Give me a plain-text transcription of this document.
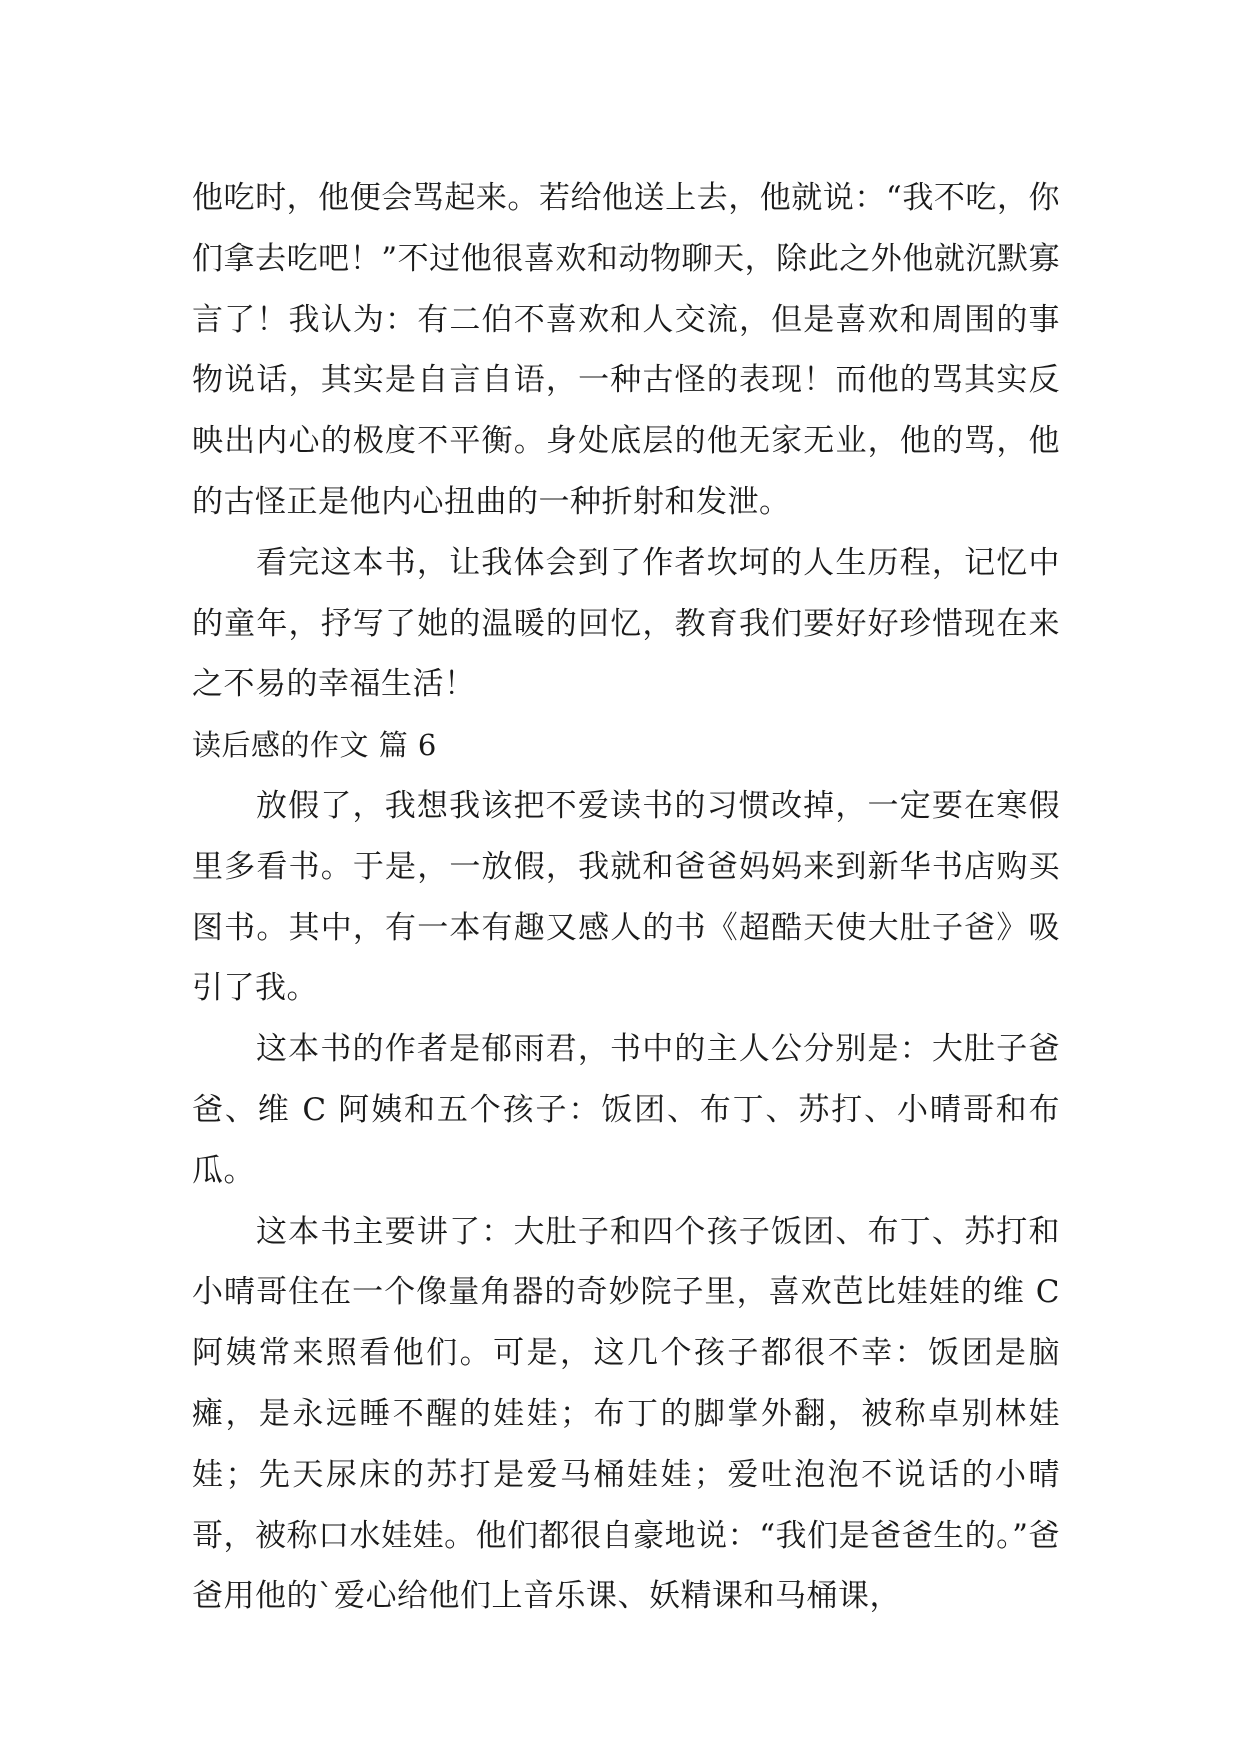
他吃时，他便会骂起来。若给他送上去，他就说：“我不吃，你们拿去吃吧！”不过他很喜欢和动物聊天，除此之外他就沉默寡言了！我认为：有二伯不喜欢和人交流，但是喜欢和周围的事物说话，其实是自言自语，一种古怪的表现！而他的骂其实反映出内心的极度不平衡。身处底层的他无家无业，他的骂，他的古怪正是他内心扭曲的一种折射和发泄。

看完这本书，让我体会到了作者坎坷的人生历程，记忆中的童年，抒写了她的温暖的回忆，教育我们要好好珍惜现在来之不易的幸福生活！

读后感的作文 篇 6

放假了，我想我该把不爱读书的习惯改掉，一定要在寒假里多看书。于是，一放假，我就和爸爸妈妈来到新华书店购买图书。其中，有一本有趣又感人的书《超酷天使大肚子爸》吸引了我。

这本书的作者是郁雨君，书中的主人公分别是：大肚子爸爸、维 C 阿姨和五个孩子：饭团、布丁、苏打、小晴哥和布瓜。

这本书主要讲了：大肚子和四个孩子饭团、布丁、苏打和小晴哥住在一个像量角器的奇妙院子里，喜欢芭比娃娃的维 C 阿姨常来照看他们。可是，这几个孩子都很不幸：饭团是脑瘫，是永远睡不醒的娃娃；布丁的脚掌外翻，被称卓别林娃娃；先天尿床的苏打是爱马桶娃娃；爱吐泡泡不说话的小晴哥，被称口水娃娃。他们都很自豪地说：“我们是爸爸生的。”爸爸用他的`爱心给他们上音乐课、妖精课和马桶课，
